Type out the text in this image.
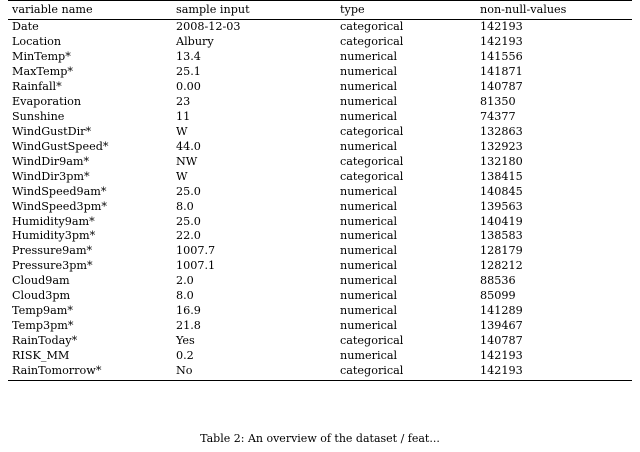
variable name	sample input	type	non-null-values
Date	2008-12-03	categorical	142193
Location	Albury	categorical	142193
MinTemp*	13.4	numerical	141556
MaxTemp*	25.1	numerical	141871
Rainfall*	0.00	numerical	140787
Evaporation	23	numerical	81350
Sunshine	11	numerical	74377
WindGustDir*	W	categorical	132863
WindGustSpeed*	44.0	numerical	132923
WindDir9am*	NW	categorical	132180
WindDir3pm*	W	categorical	138415
WindSpeed9am*	25.0	numerical	140845
WindSpeed3pm*	8.0	numerical	139563
Humidity9am*	25.0	numerical	140419
Humidity3pm*	22.0	numerical	138583
Pressure9am*	1007.7	numerical	128179
Pressure3pm*	1007.1	numerical	128212
Cloud9am	2.0	numerical	88536
Cloud3pm	8.0	numerical	85099
Temp9am*	16.9	numerical	141289
Temp3pm*	21.8	numerical	139467
RainToday*	Yes	categorical	140787
RISK_MM	0.2	numerical	142193
RainTomorrow*	No	categorical	142193
Table 2: An overview of the dataset / feat...
